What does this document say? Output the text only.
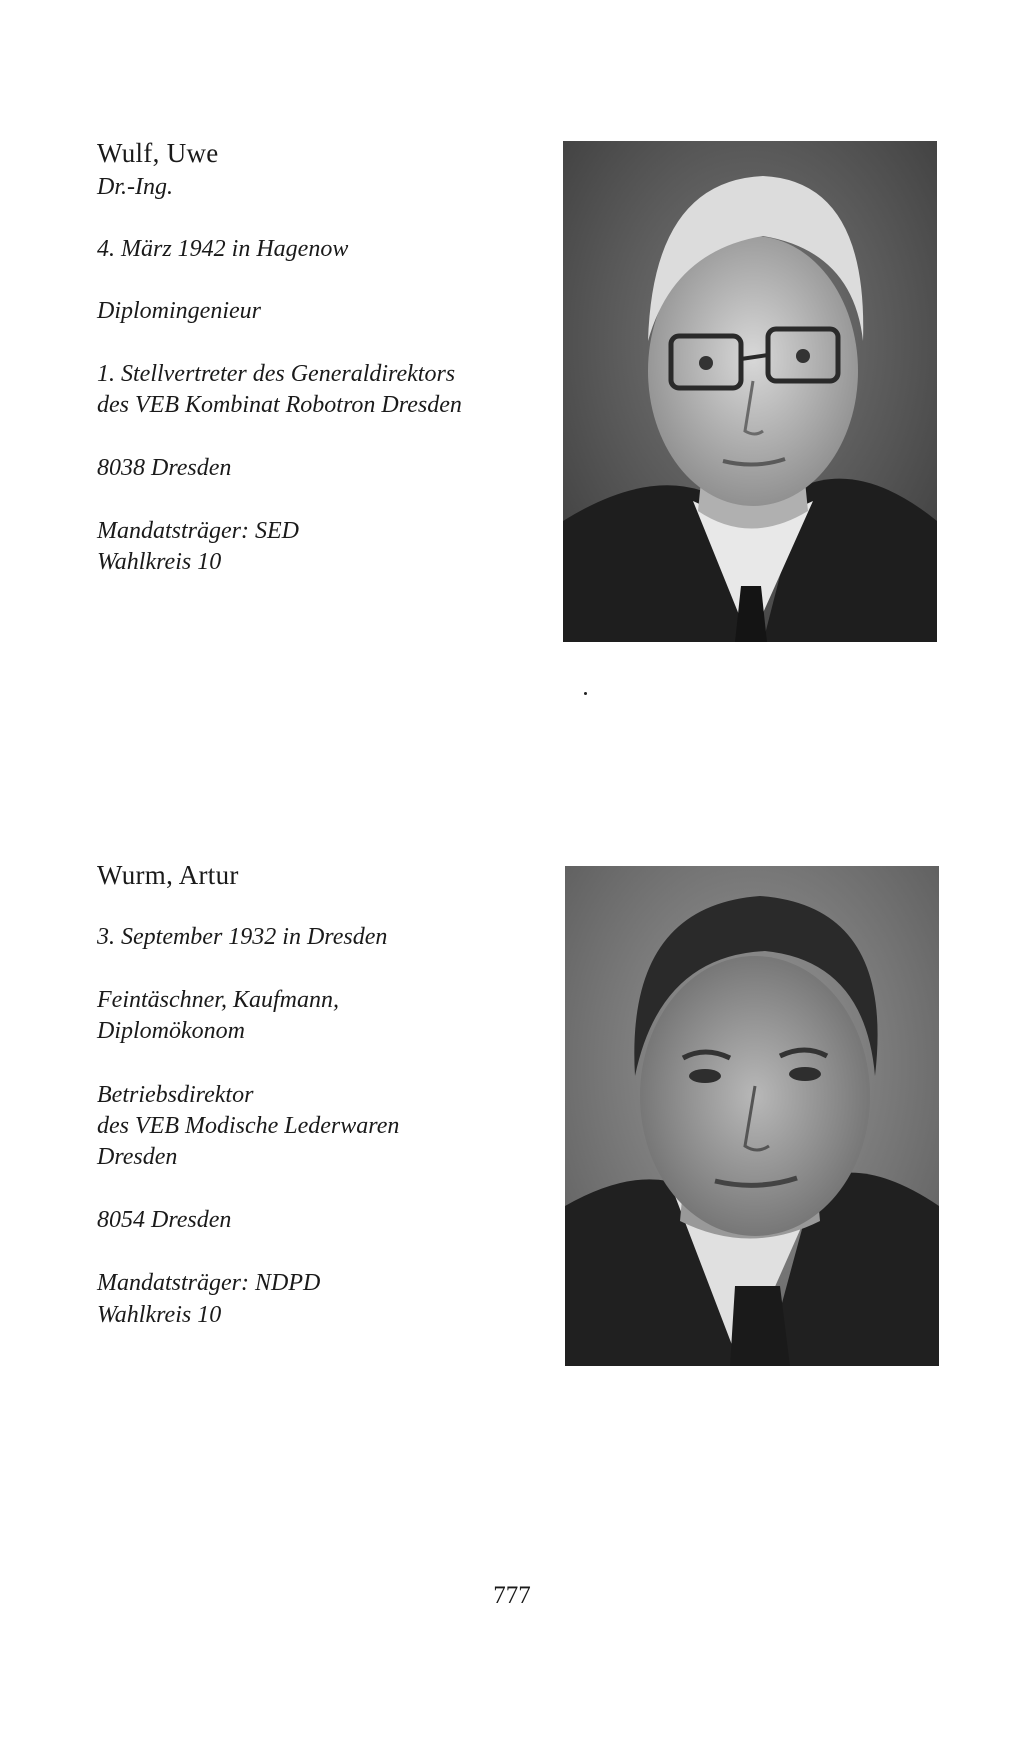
Wulf, Uwe

Dr.-Ing.

4. März 1942 in Hagenow

Diplomingenieur

1. Stellvertreter des Generaldirektors

des VEB Kombinat Robotron Dresden

8038 Dresden

Mandatsträger: SED

Wahlkreis 10

Wurm, Artur

3. September 1932 in Dresden

Feintäschner, Kaufmann,

Diplomökonom

Betriebsdirektor

des VEB Modische Lederwaren

Dresden

8054 Dresden

Mandatsträger: NDPD

Wahlkreis 10

777
